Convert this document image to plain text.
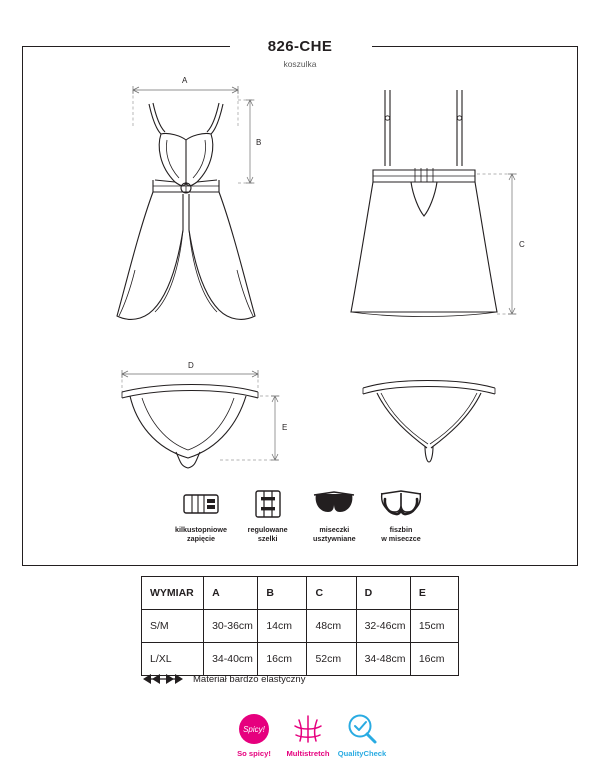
826-CHE
koszulka
A
B
C
D
E
kilkustopniowe
zapięcie
regulowane
szelki
miseczki
usztywniane
fiszbin
w miseczce
WYMIAR	A	B	C	D	E
S/M	30-36cm	14cm	48cm	32-46cm	15cm
L/XL	34-40cm	16cm	52cm	34-48cm	16cm
Materiał bardzo elastyczny
Spicy!
So spicy!	Multistretch	QualityCheck
